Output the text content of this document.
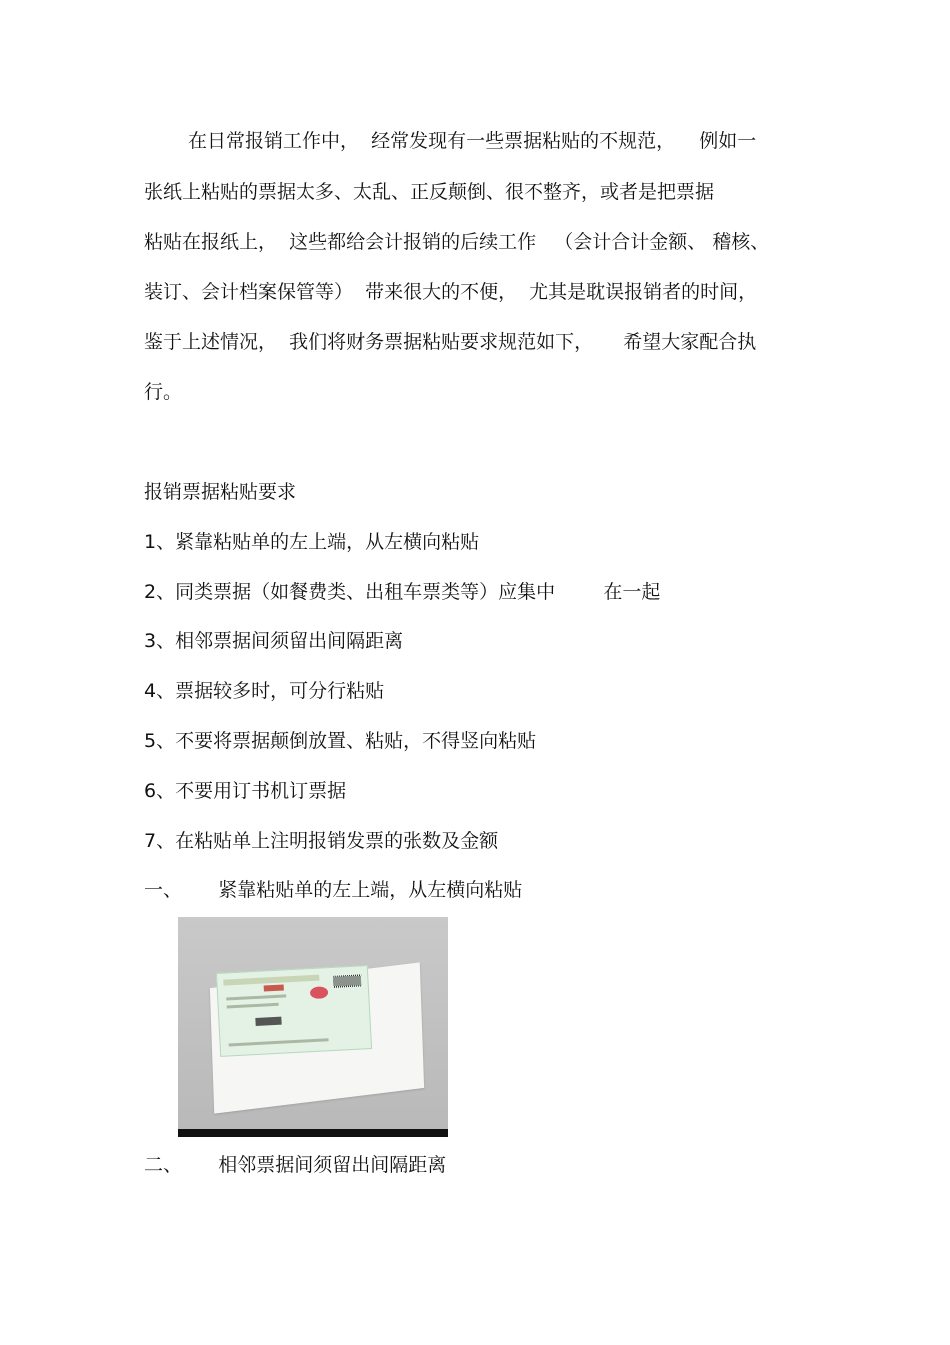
在日常报销工作中，  经常发现有一些票据粘贴的不规范，    例如一
张纸上粘贴的票据太多、太乱、正反颠倒、很不整齐，或者是把票据
粘贴在报纸上，  这些都给会计报销的后续工作   （会计合计金额、 稽核、
装订、会计档案保管等）  带来很大的不便，  尤其是耽误报销者的时间，
鉴于上述情况，  我们将财务票据粘贴要求规范如下，     希望大家配合执
行。
报销票据粘贴要求
1、紧靠粘贴单的左上端，从左横向粘贴
2、同类票据（如餐费类、出租车票类等）应集中        在一起
3、相邻票据间须留出间隔距离
4、票据较多时，可分行粘贴
5、不要将票据颠倒放置、粘贴，不得竖向粘贴
6、不要用订书机订票据
7、在粘贴单上注明报销发票的张数及金额
一、      紧靠粘贴单的左上端，从左横向粘贴
二、      相邻票据间须留出间隔距离
